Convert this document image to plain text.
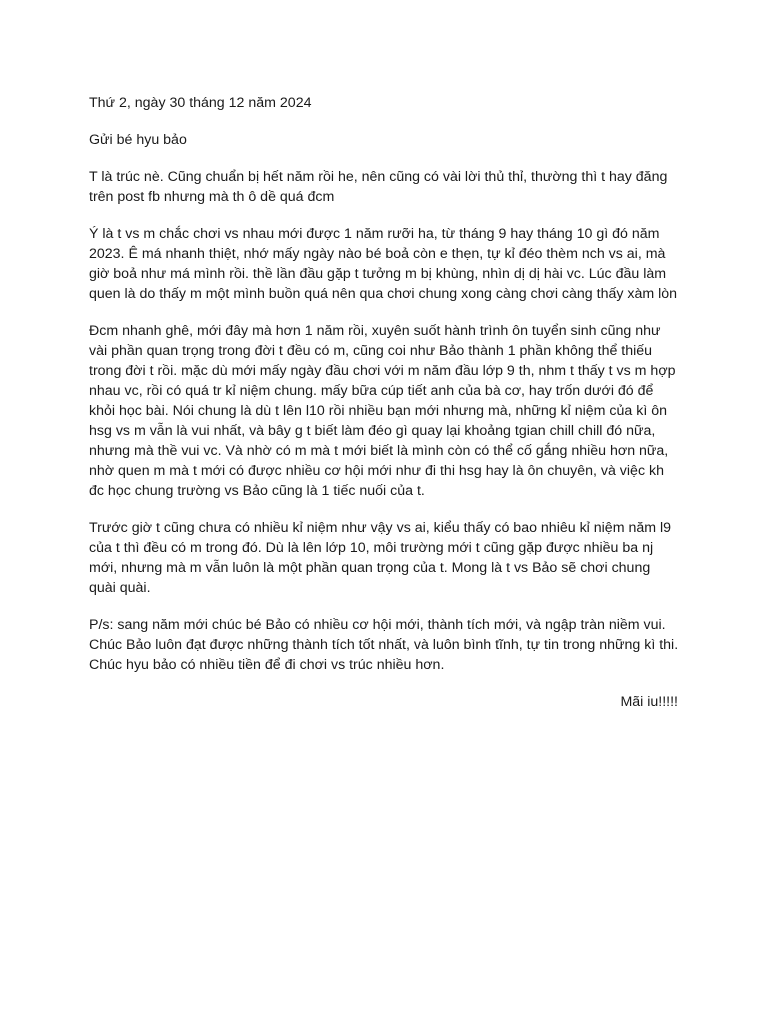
Thứ 2, ngày 30 tháng 12 năm 2024

Gửi bé hyu bảo

T là trúc nè. Cũng chuẩn bị hết năm rồi he, nên cũng có vài lời thủ thỉ, thường thì t hay đăng trên post fb nhưng mà th ô dề quá đcm

Ý là t vs m chắc chơi vs nhau mới được 1 năm rưỡi ha, từ tháng 9 hay tháng 10 gì đó năm 2023. Ê má nhanh thiệt, nhớ mấy ngày nào bé boả còn e thẹn, tự kỉ đéo thèm nch vs ai, mà giờ boả như má mình rồi. thề lần đầu gặp t tưởng m bị khùng, nhìn dị dị hài vc. Lúc đầu làm quen là do thấy m một mình buồn quá nên qua chơi chung xong càng chơi càng thấy xàm lòn

Đcm nhanh ghê, mới đây mà hơn 1 năm rồi, xuyên suốt hành trình ôn tuyển sinh cũng như vài phần quan trọng trong đời t đều có m, cũng coi như Bảo thành 1 phần không thể thiếu trong đời t rồi. mặc dù mới mấy ngày đầu chơi với m năm đầu lớp 9 th, nhm t thấy t vs m hợp nhau vc, rồi có quá tr kỉ niệm chung. mấy bữa cúp tiết anh của bà cơ, hay trốn dưới đó để khỏi học bài. Nói chung là dù t lên l10 rồi nhiều bạn mới nhưng mà, những kỉ niệm của kì ôn hsg vs m vẫn là vui nhất, và bây g t biết làm đéo gì quay lại khoảng tgian chill chill đó nữa, nhưng mà thề vui vc. Và nhờ có m mà t mới biết là mình còn có thể cố gắng nhiều hơn nữa, nhờ quen m mà t mới có được nhiều cơ hội mới như đi thi hsg hay là ôn chuyên, và việc kh đc học chung trường vs Bảo cũng là 1 tiếc nuối của t.

Trước giờ t cũng chưa có nhiều kỉ niệm như vậy vs ai, kiểu thấy có bao nhiêu kỉ niệm năm l9 của t thì đều có m trong đó. Dù là lên lớp 10, môi trường mới t cũng gặp được nhiều ba nj mới, nhưng mà m vẫn luôn là một phần quan trọng của t. Mong là t vs Bảo sẽ chơi chung quài quài.

P/s: sang năm mới chúc bé Bảo có nhiều cơ hội mới, thành tích mới, và ngập tràn niềm vui. Chúc Bảo luôn đạt được những thành tích tốt nhất, và luôn bình tĩnh, tự tin trong những kì thi. Chúc hyu bảo có nhiều tiền để đi chơi vs trúc nhiều hơn.

Mãi iu!!!!!
